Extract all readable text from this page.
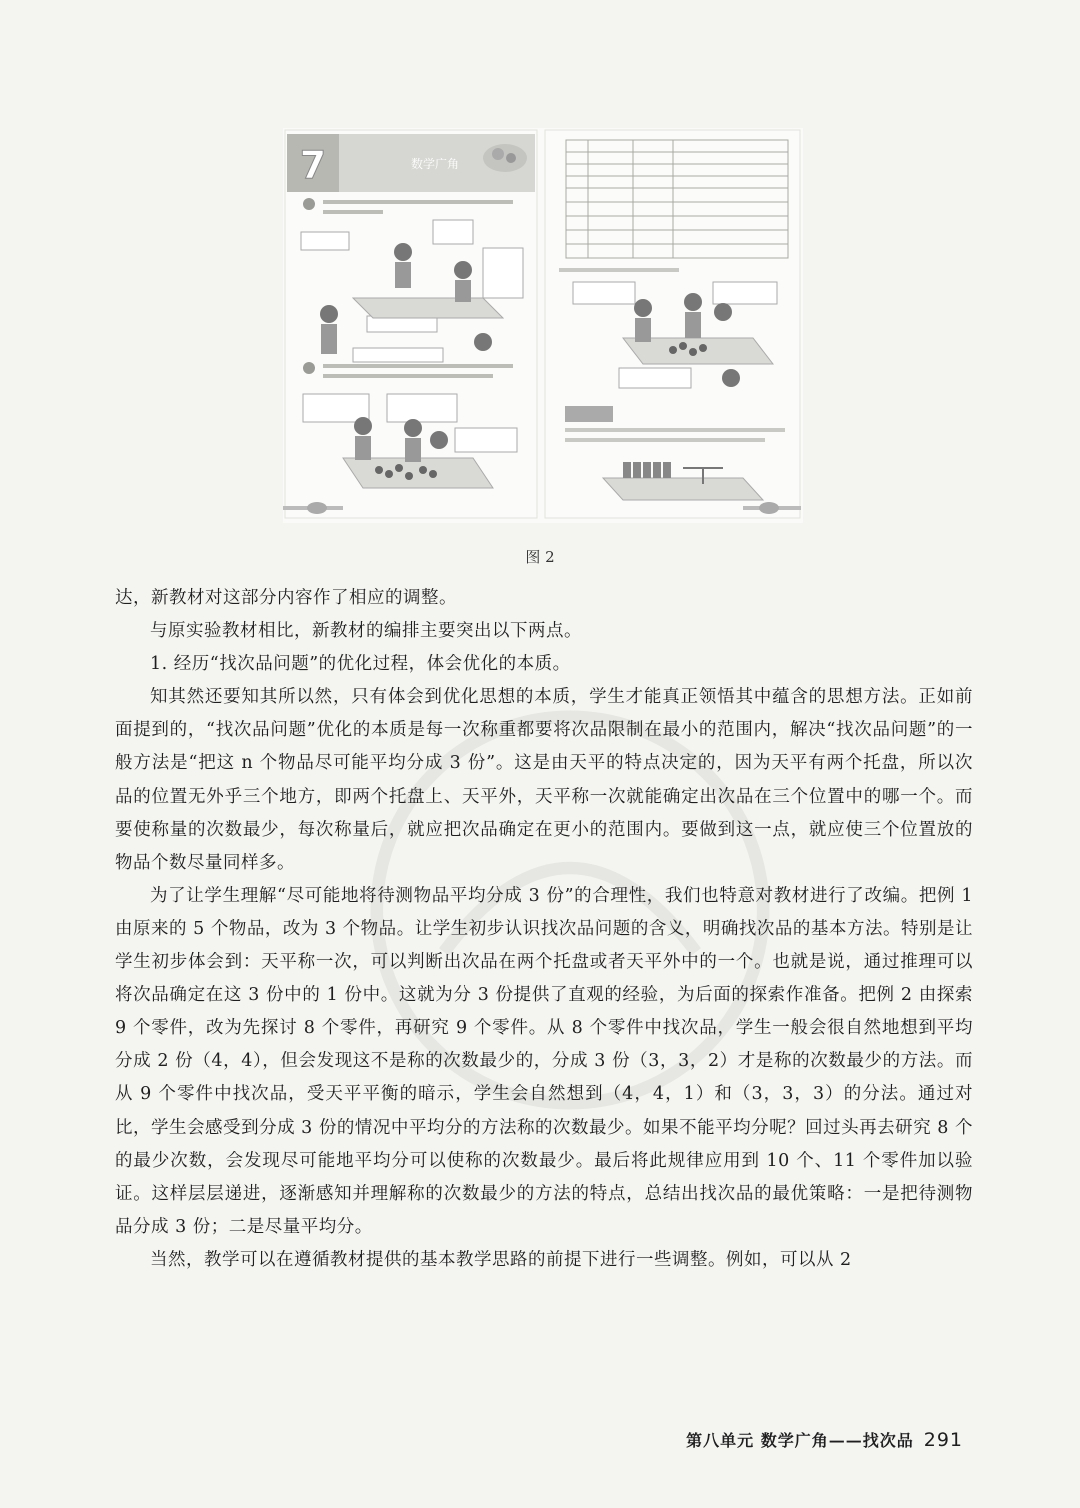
7	数学广角
图 2

达，新教材对这部分内容作了相应的调整。

与原实验教材相比，新教材的编排主要突出以下两点。

1. 经历“找次品问题”的优化过程，体会优化的本质。

知其然还要知其所以然，只有体会到优化思想的本质，学生才能真正领悟其中蕴含的思想方法。正如前面提到的，“找次品问题”优化的本质是每一次称重都要将次品限制在最小的范围内，解决“找次品问题”的一般方法是“把这 n 个物品尽可能平均分成 3 份”。这是由天平的特点决定的，因为天平有两个托盘，所以次品的位置无外乎三个地方，即两个托盘上、天平外，天平称一次就能确定出次品在三个位置中的哪一个。而要使称量的次数最少，每次称量后，就应把次品确定在更小的范围内。要做到这一点，就应使三个位置放的物品个数尽量同样多。

为了让学生理解“尽可能地将待测物品平均分成 3 份”的合理性，我们也特意对教材进行了改编。把例 1 由原来的 5 个物品，改为 3 个物品。让学生初步认识找次品问题的含义，明确找次品的基本方法。特别是让学生初步体会到：天平称一次，可以判断出次品在两个托盘或者天平外中的一个。也就是说，通过推理可以将次品确定在这 3 份中的 1 份中。这就为分 3 份提供了直观的经验，为后面的探索作准备。把例 2 由探索 9 个零件，改为先探讨 8 个零件，再研究 9 个零件。从 8 个零件中找次品，学生一般会很自然地想到平均分成 2 份（4，4），但会发现这不是称的次数最少的，分成 3 份（3，3，2）才是称的次数最少的方法。而从 9 个零件中找次品，受天平平衡的暗示，学生会自然想到（4，4，1）和（3，3，3）的分法。通过对比，学生会感受到分成 3 份的情况中平均分的方法称的次数最少。如果不能平均分呢？回过头再去研究 8 个的最少次数，会发现尽可能地平均分可以使称的次数最少。最后将此规律应用到 10 个、11 个零件加以验证。这样层层递进，逐渐感知并理解称的次数最少的方法的特点，总结出找次品的最优策略：一是把待测物品分成 3 份；二是尽量平均分。

当然，教学可以在遵循教材提供的基本教学思路的前提下进行一些调整。例如，可以从 2

第八单元 数学广角——找次品 291
